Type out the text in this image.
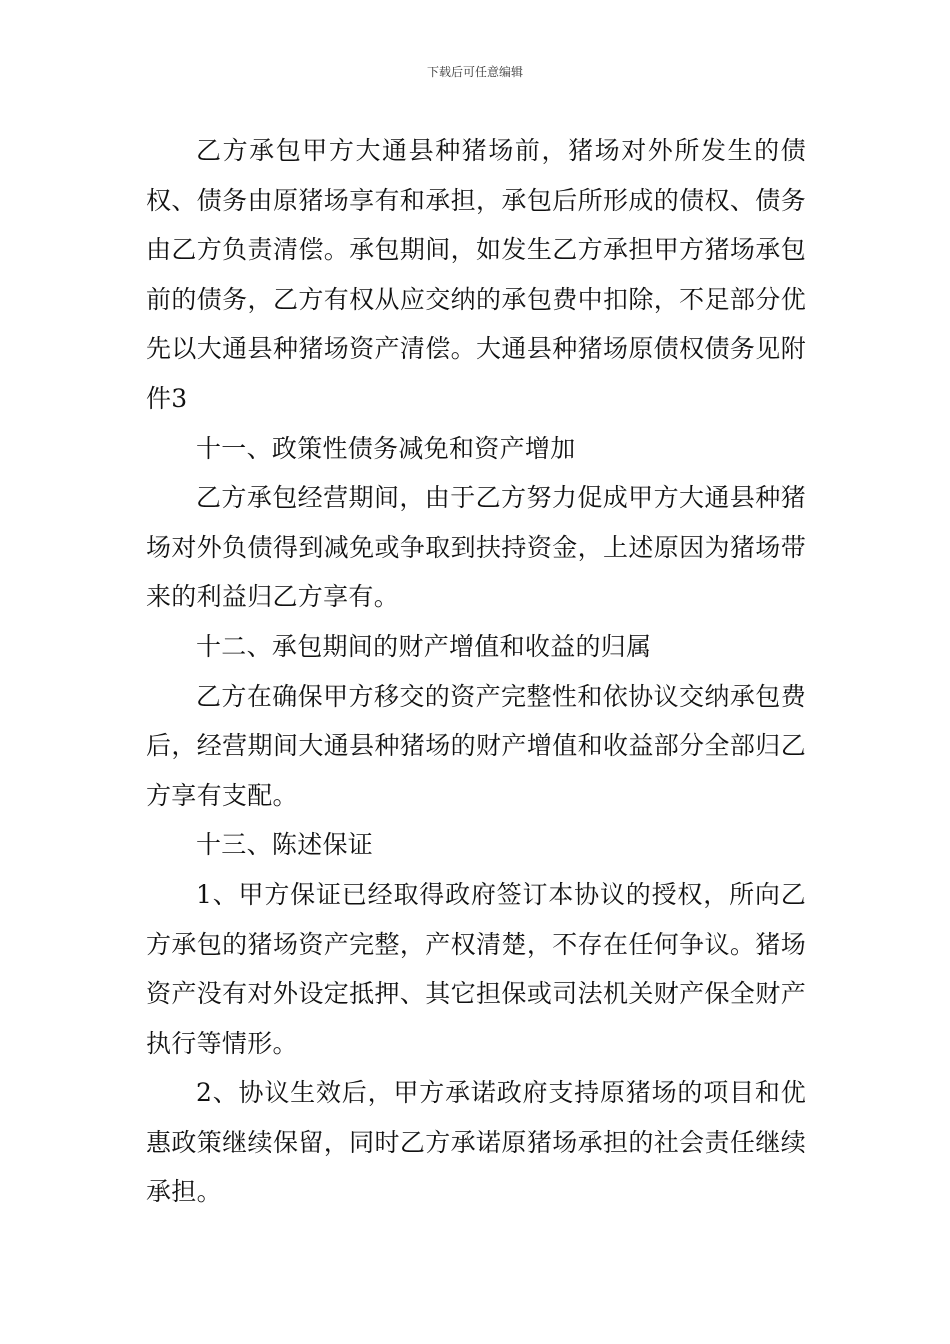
下载后可任意编辑

乙方承包甲方大通县种猪场前，猪场对外所发生的债权、债务由原猪场享有和承担，承包后所形成的债权、债务由乙方负责清偿。承包期间，如发生乙方承担甲方猪场承包前的债务，乙方有权从应交纳的承包费中扣除，不足部分优先以大通县种猪场资产清偿。大通县种猪场原债权债务见附件3

十一、政策性债务减免和资产增加

乙方承包经营期间，由于乙方努力促成甲方大通县种猪场对外负债得到减免或争取到扶持资金，上述原因为猪场带来的利益归乙方享有。

十二、承包期间的财产增值和收益的归属

乙方在确保甲方移交的资产完整性和依协议交纳承包费后，经营期间大通县种猪场的财产增值和收益部分全部归乙方享有支配。

十三、陈述保证

1、甲方保证已经取得政府签订本协议的授权，所向乙方承包的猪场资产完整，产权清楚，不存在任何争议。猪场资产没有对外设定抵押、其它担保或司法机关财产保全财产执行等情形。

2、协议生效后，甲方承诺政府支持原猪场的项目和优惠政策继续保留，同时乙方承诺原猪场承担的社会责任继续承担。
